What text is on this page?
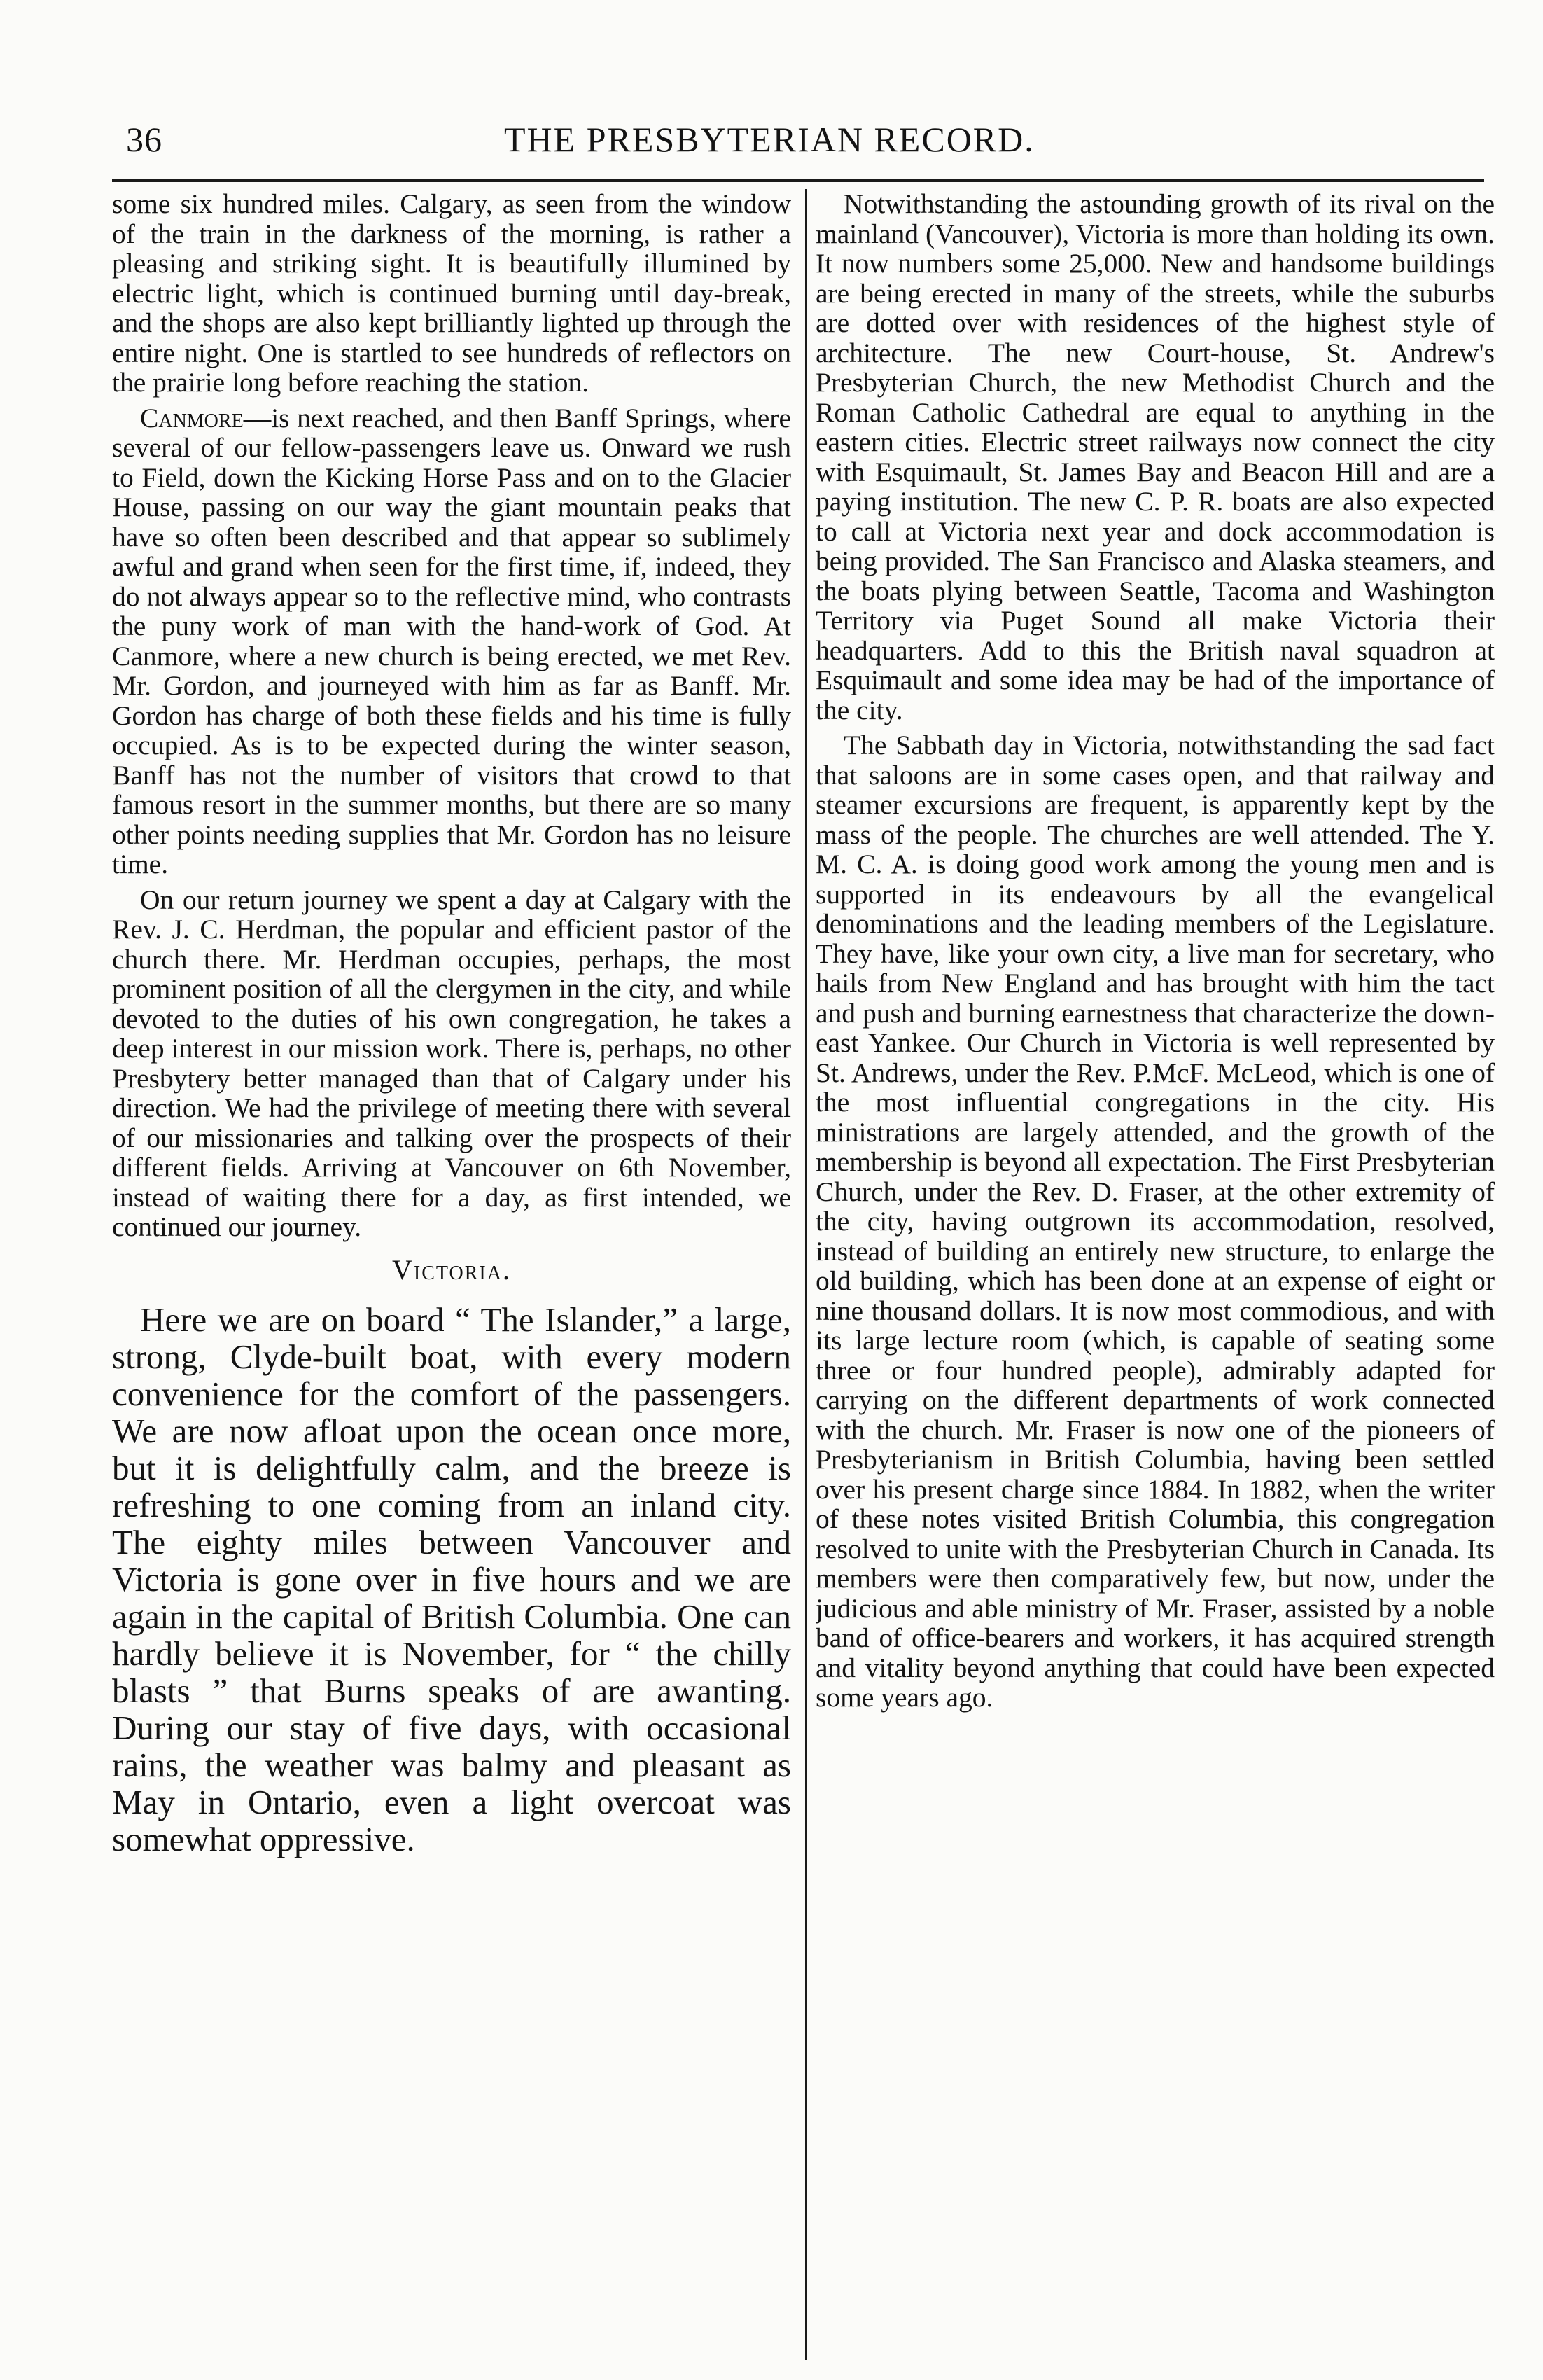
36	THE PRESBYTERIAN RECORD.

some six hundred miles. Calgary, as seen from the window of the train in the darkness of the morning, is rather a pleasing and striking sight. It is beautifully illumined by electric light, which is continued burning until day-break, and the shops are also kept brilliantly lighted up through the entire night. One is startled to see hundreds of reflectors on the prairie long before reaching the station.

Canmore—is next reached, and then Banff Springs, where several of our fellow-passengers leave us. Onward we rush to Field, down the Kicking Horse Pass and on to the Glacier House, passing on our way the giant mountain peaks that have so often been described and that appear so sublimely awful and grand when seen for the first time, if, indeed, they do not always appear so to the reflective mind, who contrasts the puny work of man with the hand-work of God. At Canmore, where a new church is being erected, we met Rev. Mr. Gordon, and journeyed with him as far as Banff. Mr. Gordon has charge of both these fields and his time is fully occupied. As is to be expected during the winter season, Banff has not the number of visitors that crowd to that famous resort in the summer months, but there are so many other points needing supplies that Mr. Gordon has no leisure time.

On our return journey we spent a day at Calgary with the Rev. J. C. Herdman, the popular and efficient pastor of the church there. Mr. Herdman occupies, perhaps, the most prominent position of all the clergymen in the city, and while devoted to the duties of his own congregation, he takes a deep interest in our mission work. There is, perhaps, no other Presbytery better managed than that of Calgary under his direction. We had the privilege of meeting there with several of our missionaries and talking over the prospects of their different fields. Arriving at Vancouver on 6th November, instead of waiting there for a day, as first intended, we continued our journey.

Victoria.

Here we are on board “ The Islander,” a large, strong, Clyde-built boat, with every modern convenience for the comfort of the passengers. We are now afloat upon the ocean once more, but it is delightfully calm, and the breeze is refreshing to one coming from an inland city. The eighty miles between Vancouver and Victoria is gone over in five hours and we are again in the capital of British Columbia. One can hardly believe it is November, for “ the chilly blasts ” that Burns speaks of are awanting. During our stay of five days, with occasional rains, the weather was balmy and pleasant as May in Ontario, even a light overcoat was somewhat oppressive.

Notwithstanding the astounding growth of its rival on the mainland (Vancouver), Victoria is more than holding its own. It now numbers some 25,000. New and handsome buildings are being erected in many of the streets, while the suburbs are dotted over with residences of the highest style of architecture. The new Court-house, St. Andrew's Presbyterian Church, the new Methodist Church and the Roman Catholic Cathedral are equal to anything in the eastern cities. Electric street railways now connect the city with Esquimault, St. James Bay and Beacon Hill and are a paying institution. The new C. P. R. boats are also expected to call at Victoria next year and dock accommodation is being provided. The San Francisco and Alaska steamers, and the boats plying between Seattle, Tacoma and Washington Territory via Puget Sound all make Victoria their headquarters. Add to this the British naval squadron at Esquimault and some idea may be had of the importance of the city.

The Sabbath day in Victoria, notwithstanding the sad fact that saloons are in some cases open, and that railway and steamer excursions are frequent, is apparently kept by the mass of the people. The churches are well attended. The Y. M. C. A. is doing good work among the young men and is supported in its endeavours by all the evangelical denominations and the leading members of the Legislature. They have, like your own city, a live man for secretary, who hails from New England and has brought with him the tact and push and burning earnestness that characterize the down-east Yankee. Our Church in Victoria is well represented by St. Andrews, under the Rev. P.McF. McLeod, which is one of the most influential congregations in the city. His ministrations are largely attended, and the growth of the membership is beyond all expectation. The First Presbyterian Church, under the Rev. D. Fraser, at the other extremity of the city, having outgrown its accommodation, resolved, instead of building an entirely new structure, to enlarge the old building, which has been done at an expense of eight or nine thousand dollars. It is now most commodious, and with its large lecture room (which, is capable of seating some three or four hundred people), admirably adapted for carrying on the different departments of work connected with the church. Mr. Fraser is now one of the pioneers of Presbyterianism in British Columbia, having been settled over his present charge since 1884. In 1882, when the writer of these notes visited British Columbia, this congregation resolved to unite with the Presbyterian Church in Canada. Its members were then comparatively few, but now, under the judicious and able ministry of Mr. Fraser, assisted by a noble band of office-bearers and workers, it has acquired strength and vitality beyond anything that could have been expected some years ago.
